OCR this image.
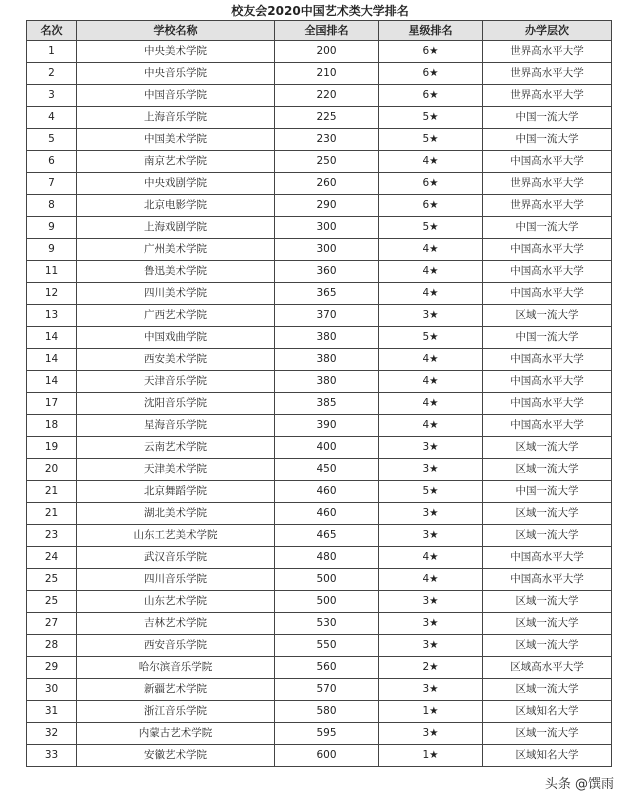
校友会2020中国艺术类大学排名
名次	学校名称	全国排名	星级排名	办学层次
1	中央美术学院	200	6★	世界高水平大学
2	中央音乐学院	210	6★	世界高水平大学
3	中国音乐学院	220	6★	世界高水平大学
4	上海音乐学院	225	5★	中国一流大学
5	中国美术学院	230	5★	中国一流大学
6	南京艺术学院	250	4★	中国高水平大学
7	中央戏剧学院	260	6★	世界高水平大学
8	北京电影学院	290	6★	世界高水平大学
9	上海戏剧学院	300	5★	中国一流大学
9	广州美术学院	300	4★	中国高水平大学
11	鲁迅美术学院	360	4★	中国高水平大学
12	四川美术学院	365	4★	中国高水平大学
13	广西艺术学院	370	3★	区域一流大学
14	中国戏曲学院	380	5★	中国一流大学
14	西安美术学院	380	4★	中国高水平大学
14	天津音乐学院	380	4★	中国高水平大学
17	沈阳音乐学院	385	4★	中国高水平大学
18	星海音乐学院	390	4★	中国高水平大学
19	云南艺术学院	400	3★	区域一流大学
20	天津美术学院	450	3★	区域一流大学
21	北京舞蹈学院	460	5★	中国一流大学
21	湖北美术学院	460	3★	区域一流大学
23	山东工艺美术学院	465	3★	区域一流大学
24	武汉音乐学院	480	4★	中国高水平大学
25	四川音乐学院	500	4★	中国高水平大学
25	山东艺术学院	500	3★	区域一流大学
27	吉林艺术学院	530	3★	区域一流大学
28	西安音乐学院	550	3★	区域一流大学
29	哈尔滨音乐学院	560	2★	区域高水平大学
30	新疆艺术学院	570	3★	区域一流大学
31	浙江音乐学院	580	1★	区域知名大学
32	内蒙古艺术学院	595	3★	区域一流大学
33	安徽艺术学院	600	1★	区域知名大学
头条 @馔雨
